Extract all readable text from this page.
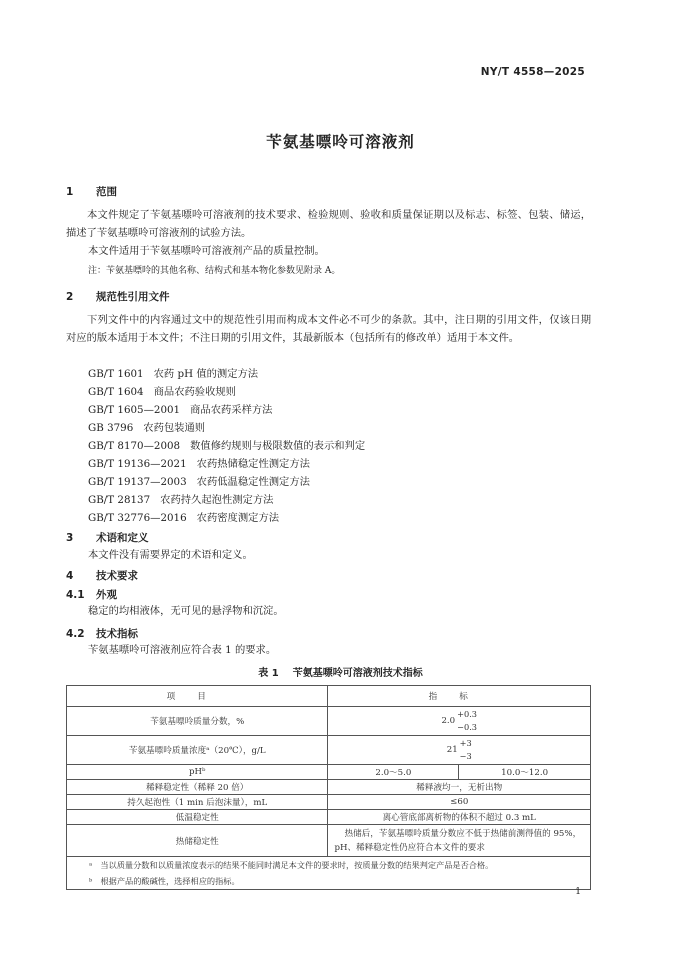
NY/T 4558—2025
苄氨基嘌呤可溶液剂
1 范围
本文件规定了苄氨基嘌呤可溶液剂的技术要求、检验规则、验收和质量保证期以及标志、标签、包装、储运，描述了苄氨基嘌呤可溶液剂的试验方法。
本文件适用于苄氨基嘌呤可溶液剂产品的质量控制。
注：苄氨基嘌呤的其他名称、结构式和基本物化参数见附录 A。
2 规范性引用文件
下列文件中的内容通过文中的规范性引用而构成本文件必不可少的条款。其中，注日期的引用文件，仅该日期对应的版本适用于本文件；不注日期的引用文件，其最新版本（包括所有的修改单）适用于本文件。
GB/T 1601 农药 pH 值的测定方法
GB/T 1604 商品农药验收规则
GB/T 1605—2001 商品农药采样方法
GB 3796 农药包装通则
GB/T 8170—2008 数值修约规则与极限数值的表示和判定
GB/T 19136—2021 农药热储稳定性测定方法
GB/T 19137—2003 农药低温稳定性测定方法
GB/T 28137 农药持久起泡性测定方法
GB/T 32776—2016 农药密度测定方法
3 术语和定义
本文件没有需要界定的术语和定义。
4 技术要求
4.1 外观
稳定的均相液体，无可见的悬浮物和沉淀。
4.2 技术指标
苄氨基嘌呤可溶液剂应符合表 1 的要求。
表 1 苄氨基嘌呤可溶液剂技术指标
项目	指标	
苄氨基嘌呤质量分数，%	2.0
+0.3
−0.3	

苄氨基嘌呤质量浓度ᵃ（20℃），g/L	21
+3
−3	

pHᵇ	2.0～5.0	10.0～12.0
稀释稳定性（稀释 20 倍）	稀释液均一，无析出物	
持久起泡性（1 min 后泡沫量），mL	≤60	
低温稳定性	离心管底部离析物的体积不超过 0.3 mL	
热储稳定性	热储后，苄氨基嘌呤质量分数应不低于热储前测得值的 95%，pH、稀释稳定性仍应符合本文件的要求	
ᵃ　当以质量分数和以质量浓度表示的结果不能同时满足本文件的要求时，按质量分数的结果判定产品是否合格。		
ᵇ　根据产品的酸碱性，选择相应的指标。		
1
